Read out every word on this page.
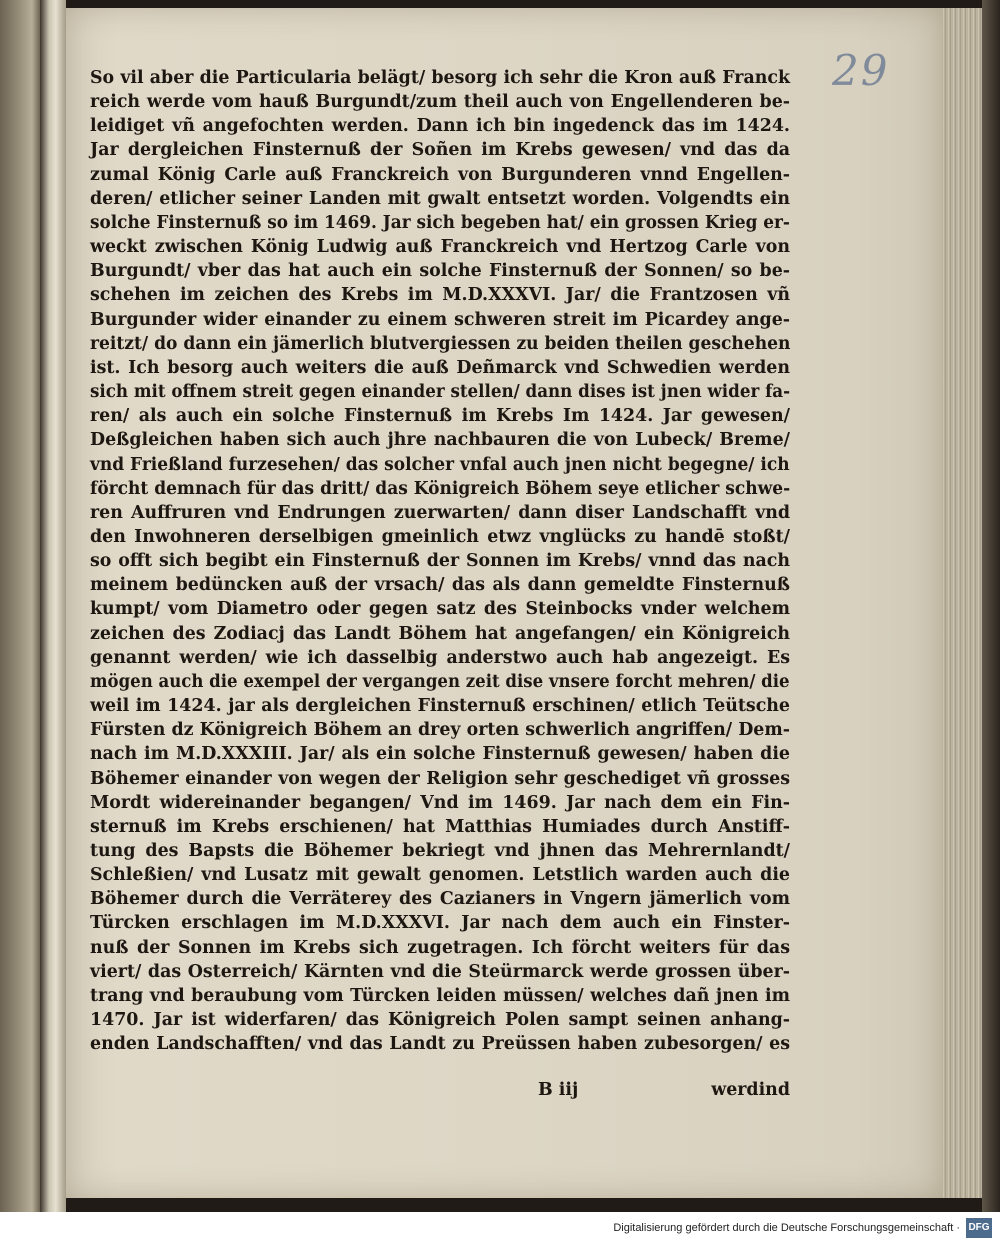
29
So vil aber die Particularia belägt/ besorg ich sehr die Kron auß Franck
reich werde vom hauß Burgundt/zum theil auch von Engellenderen be-
leidiget vñ angefochten werden. Dann ich bin ingedenck das im 1424.
Jar dergleichen Finsternuß der Soñen im Krebs gewesen/ vnd das da
zumal König Carle auß Franckreich von Burgunderen vnnd Engellen-
deren/ etlicher seiner Landen mit gwalt entsetzt worden. Volgendts ein
solche Finsternuß so im 1469. Jar sich begeben hat/ ein grossen Krieg er-
weckt zwischen König Ludwig auß Franckreich vnd Hertzog Carle von
Burgundt/ vber das hat auch ein solche Finsternuß der Sonnen/ so be-
schehen im zeichen des Krebs im M.D.XXXVI. Jar/ die Frantzosen vñ
Burgunder wider einander zu einem schweren streit im Picardey ange-
reitzt/ do dann ein jämerlich blutvergiessen zu beiden theilen geschehen
ist. Ich besorg auch weiters die auß Deñmarck vnd Schwedien werden
sich mit offnem streit gegen einander stellen/ dann dises ist jnen wider fa-
ren/ als auch ein solche Finsternuß im Krebs Im 1424. Jar gewesen/
Deßgleichen haben sich auch jhre nachbauren die von Lubeck/ Breme/
vnd Frießland furzesehen/ das solcher vnfal auch jnen nicht begegne/ ich
förcht demnach für das dritt/ das Königreich Böhem seye etlicher schwe-
ren Auffruren vnd Endrungen zuerwarten/ dann diser Landschafft vnd
den Inwohneren derselbigen gmeinlich etwz vnglücks zu handē stoßt/
so offt sich begibt ein Finsternuß der Sonnen im Krebs/ vnnd das nach
meinem bedüncken auß der vrsach/ das als dann gemeldte Finsternuß
kumpt/ vom Diametro oder gegen satz des Steinbocks vnder welchem
zeichen des Zodiacj das Landt Böhem hat angefangen/ ein Königreich
genannt werden/ wie ich dasselbig anderstwo auch hab angezeigt. Es
mögen auch die exempel der vergangen zeit dise vnsere forcht mehren/ die
weil im 1424. jar als dergleichen Finsternuß erschinen/ etlich Teütsche
Fürsten dz Königreich Böhem an drey orten schwerlich angriffen/ Dem-
nach im M.D.XXXIII. Jar/ als ein solche Finsternuß gewesen/ haben die
Böhemer einander von wegen der Religion sehr geschediget vñ grosses
Mordt widereinander begangen/ Vnd im 1469. Jar nach dem ein Fin-
sternuß im Krebs erschienen/ hat Matthias Humiades durch Anstiff-
tung des Bapsts die Böhemer bekriegt vnd jhnen das Mehrernlandt/
Schleßien/ vnd Lusatz mit gewalt genomen. Letstlich warden auch die
Böhemer durch die Verräterey des Cazianers in Vngern jämerlich vom
Türcken erschlagen im M.D.XXXVI. Jar nach dem auch ein Finster-
nuß der Sonnen im Krebs sich zugetragen. Ich förcht weiters für das
viert/ das Osterreich/ Kärnten vnd die Steürmarck werde grossen über-
trang vnd beraubung vom Türcken leiden müssen/ welches dañ jnen im
1470. Jar ist widerfaren/ das Königreich Polen sampt seinen anhang-
enden Landschafften/ vnd das Landt zu Preüssen haben zubesorgen/ es
B iij	werdind
Digitalisierung gefördert durch die Deutsche Forschungsgemeinschaft · DFG
